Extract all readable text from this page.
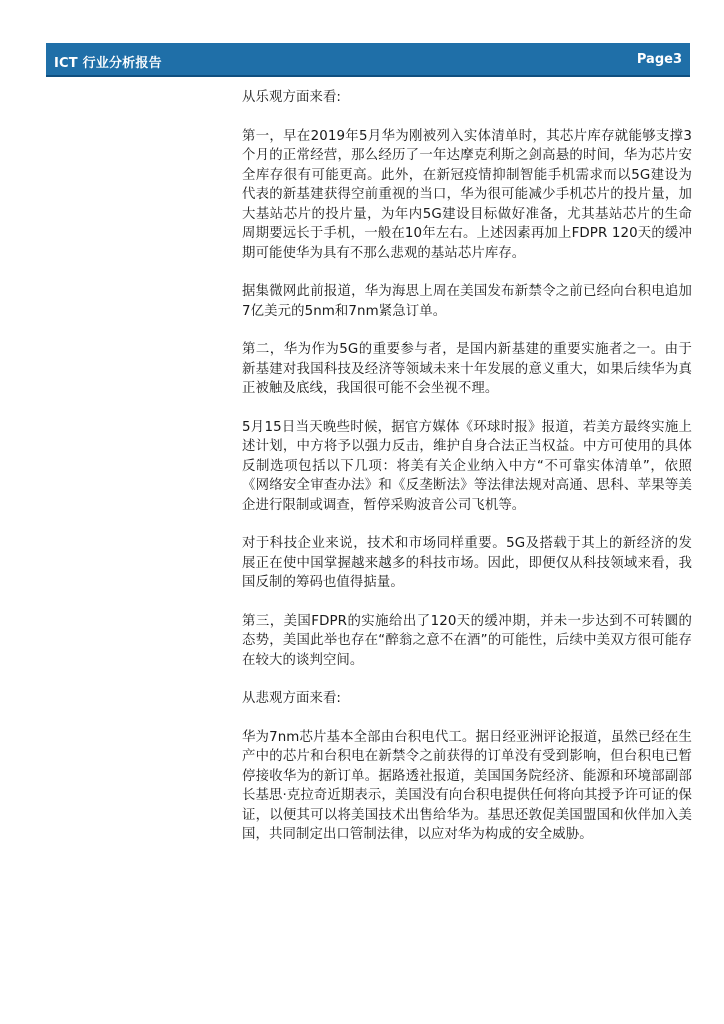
ICT 行业分析报告	Page3

从乐观方面来看:

第一，早在2019年5月华为刚被列入实体清单时，其芯片库存就能够支撑3个月的正常经营，那么经历了一年达摩克利斯之剑高悬的时间，华为芯片安全库存很有可能更高。此外，在新冠疫情抑制智能手机需求而以5G建设为代表的新基建获得空前重视的当口，华为很可能减少手机芯片的投片量，加大基站芯片的投片量，为年内5G建设目标做好准备，尤其基站芯片的生命周期要远长于手机，一般在10年左右。上述因素再加上FDPR 120天的缓冲期可能使华为具有不那么悲观的基站芯片库存。

据集微网此前报道，华为海思上周在美国发布新禁令之前已经向台积电追加7亿美元的5nm和7nm紧急订单。

第二，华为作为5G的重要参与者，是国内新基建的重要实施者之一。由于新基建对我国科技及经济等领域未来十年发展的意义重大，如果后续华为真正被触及底线，我国很可能不会坐视不理。

5月15日当天晚些时候，据官方媒体《环球时报》报道，若美方最终实施上述计划，中方将予以强力反击，维护自身合法正当权益。中方可使用的具体反制选项包括以下几项：将美有关企业纳入中方“不可靠实体清单”，依照《网络安全审查办法》和《反垄断法》等法律法规对高通、思科、苹果等美企进行限制或调查，暂停采购波音公司飞机等。

对于科技企业来说，技术和市场同样重要。5G及搭载于其上的新经济的发展正在使中国掌握越来越多的科技市场。因此，即便仅从科技领域来看，我国反制的筹码也值得掂量。

第三，美国FDPR的实施给出了120天的缓冲期，并未一步达到不可转圜的态势，美国此举也存在“醉翁之意不在酒”的可能性，后续中美双方很可能存在较大的谈判空间。

从悲观方面来看:

华为7nm芯片基本全部由台积电代工。据日经亚洲评论报道，虽然已经在生产中的芯片和台积电在新禁令之前获得的订单没有受到影响，但台积电已暂停接收华为的新订单。据路透社报道，美国国务院经济、能源和环境部副部长基思·克拉奇近期表示，美国没有向台积电提供任何将向其授予许可证的保证，以便其可以将美国技术出售给华为。基思还敦促美国盟国和伙伴加入美国，共同制定出口管制法律，以应对华为构成的安全威胁。
